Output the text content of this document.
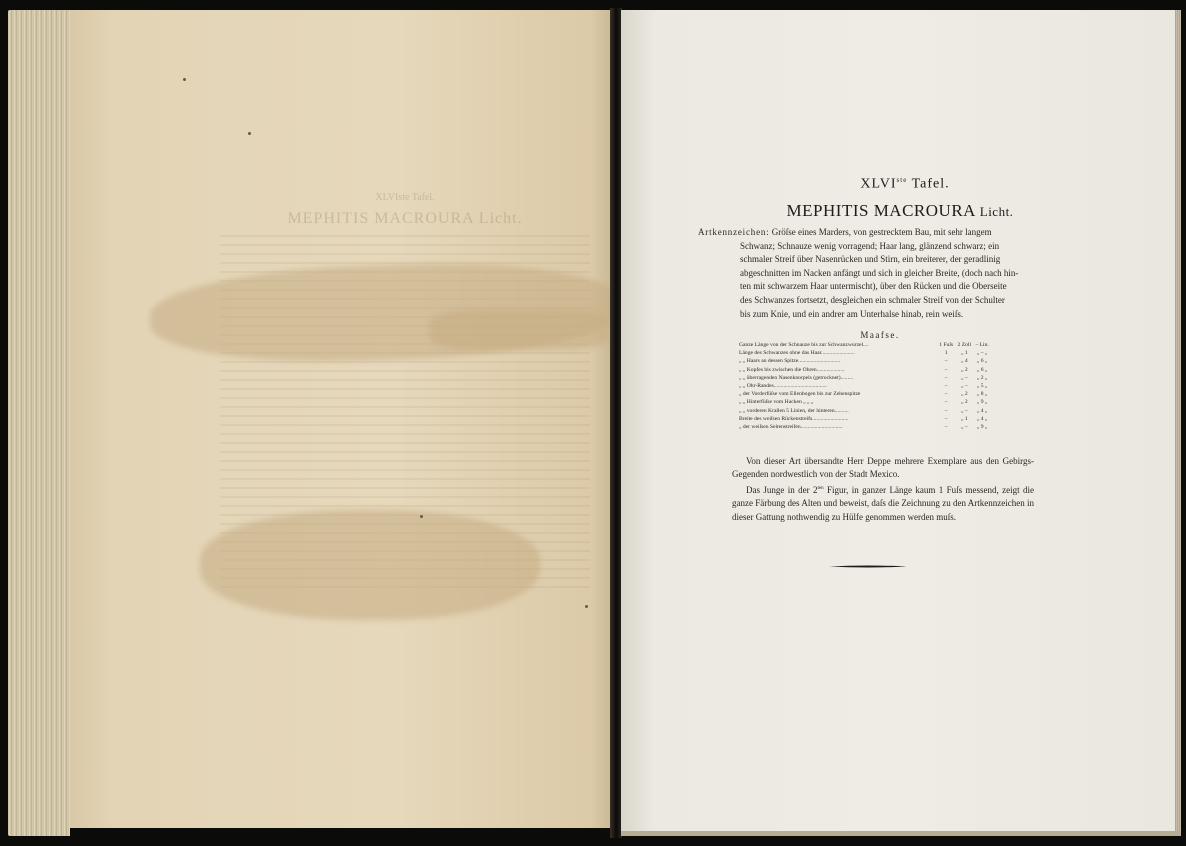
XLVIste Tafel.
MEPHITIS MACROURA Licht.
XLVIste Tafel.
MEPHITIS MACROURA Licht.

Artkennzeichen: Gröſse eines Marders, von gestrecktem Bau, mit sehr langem

Schwanz; Schnauze wenig vorragend; Haar lang, glänzend schwarz; ein

schmaler Streif über Nasenrücken und Stirn, ein breiterer, der geradlinig

abgeschnitten im Nacken anfängt und sich in gleicher Breite, (doch nach hin-

ten mit schwarzem Haar untermischt), über den Rücken und die Oberseite

des Schwanzes fortsetzt, desgleichen ein schmaler Streif von der Schulter

bis zum Knie, und ein andrer am Unterhalse hinab, rein weiſs.

Maafse.
Ganze Länge von der Schnauze bis zur Schwanzwurzel....	1 Fuſs	2 Zoll	– Lin.
Länge des Schwanzes ohne das Haar........................	1	„ 1	„ – „
„ „ Haars an dessen Spitze..............................	–	„ 4	„ 6 „
„ „ Kopfes bis zwischen die Ohren....................	–	„ 2	„ 6 „
„ „ überragenden Nasenknorpels (getrocknet).........	–	„ –	„ 2 „
„ „ Ohr-Randes......................................	–	„ –	„ 5 „
„ der Vorderfüſse vom Ellenbogen bis zur Zehenspitze	–	„ 2	„ 8 „
„ „ Hinterfüſse vom Hacken „ „ „	–	„ 2	„ 9 „
„ „ vorderen Krallen 5 Linien, der hinteren..........	–	„ –	„ 4 „
Breite des weiſsen Rückenstreifs..........................	–	„ 1	„ 4 „
„ der weiſsen Seitenstreifen..............................	–	„ –	„ 9 „

Von dieser Art übersandte Herr Deppe mehrere Exemplare aus den Gebirgs-Gegenden nordwestlich von der Stadt Mexico.

Das Junge in der $2^{ten}$ Figur, in ganzer Länge kaum 1 Fuſs messend, zeigt die ganze Färbung des Alten und beweist, daſs die Zeichnung zu den Artkennzeichen in dieser Gattung nothwendig zu Hülfe genommen werden muſs.
